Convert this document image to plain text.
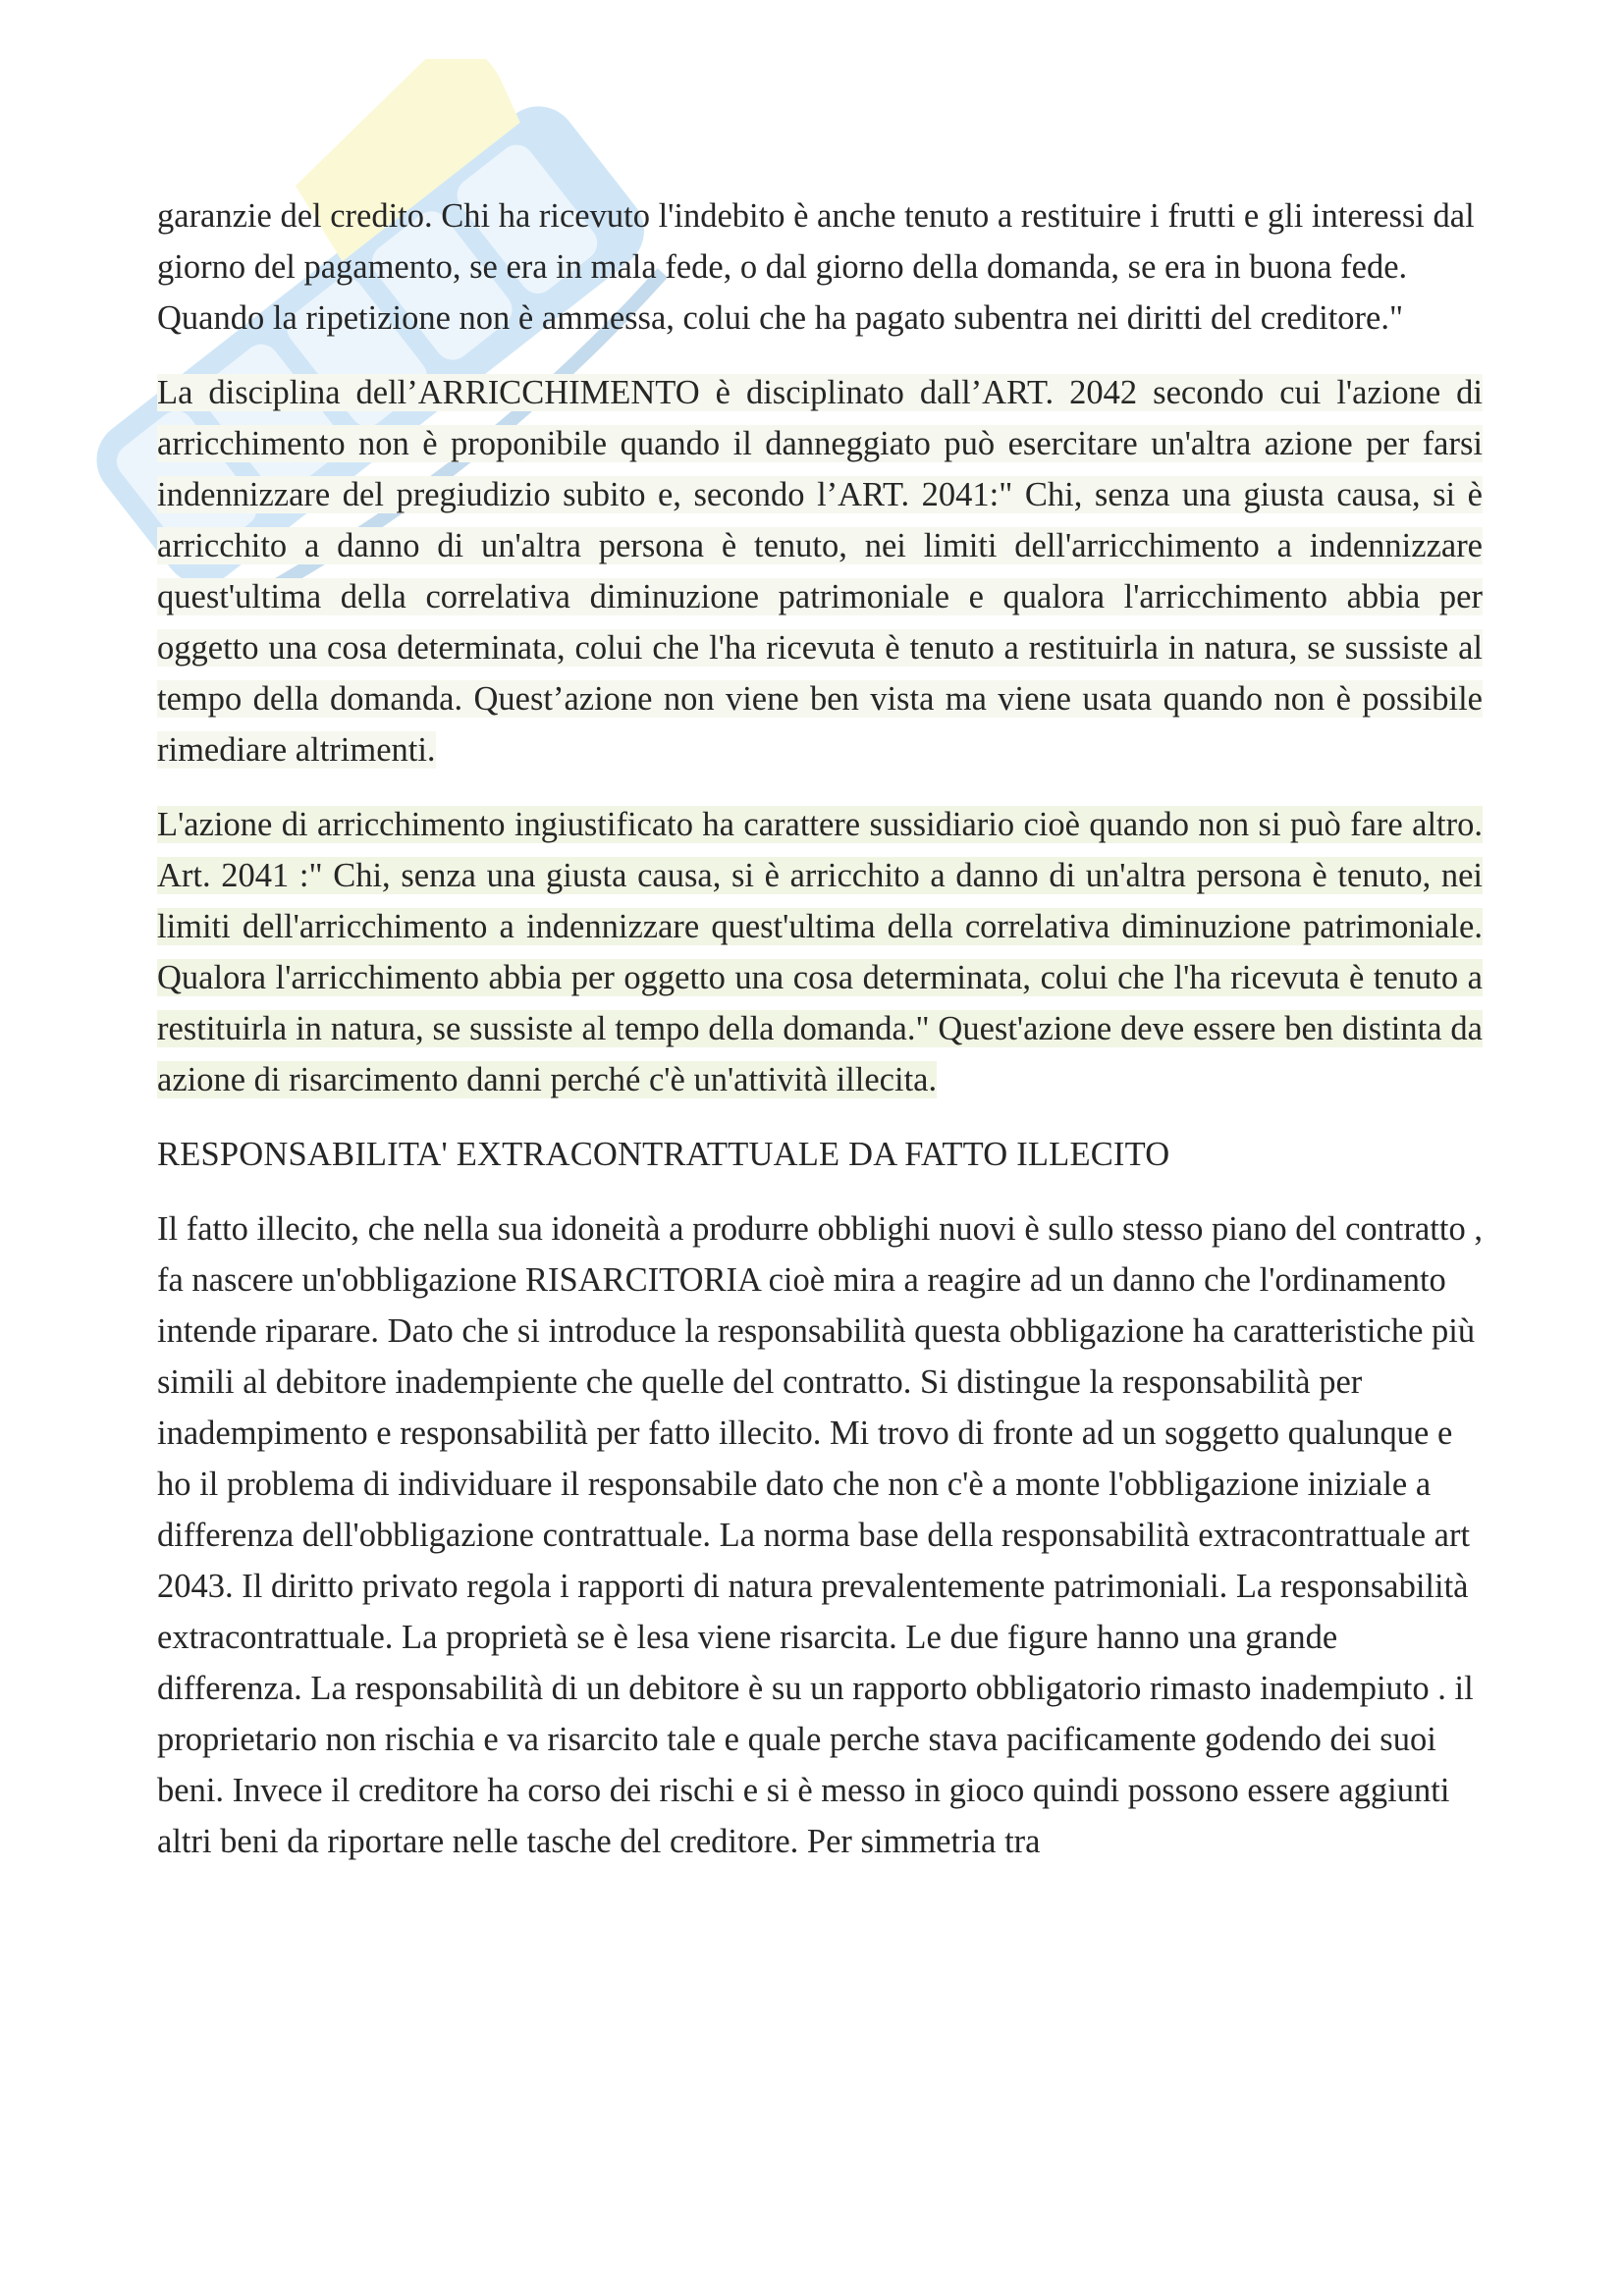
garanzie del credito. Chi ha ricevuto l'indebito è anche tenuto a restituire i frutti e gli interessi dal giorno del pagamento, se era in mala fede, o dal giorno della domanda, se era in buona fede. Quando la ripetizione non è ammessa, colui che ha pagato subentra nei diritti del creditore."

La disciplina dell’ARRICCHIMENTO è disciplinato dall’ART. 2042 secondo cui l'azione di arricchimento non è proponibile quando il danneggiato può esercitare un'altra azione per farsi indennizzare del pregiudizio subito e, secondo l’ART. 2041:" Chi, senza una giusta causa, si è arricchito a danno di un'altra persona è tenuto, nei limiti dell'arricchimento a indennizzare quest'ultima della correlativa diminuzione patrimoniale e qualora l'arricchimento abbia per oggetto una cosa determinata, colui che l'ha ricevuta è tenuto a restituirla in natura, se sussiste al tempo della domanda. Quest’azione non viene ben vista ma viene usata quando non è possibile rimediare altrimenti.

L'azione di arricchimento ingiustificato ha carattere sussidiario cioè quando non si può fare altro. Art. 2041 :" Chi, senza una giusta causa, si è arricchito a danno di un'altra persona è tenuto, nei limiti dell'arricchimento a indennizzare quest'ultima della correlativa diminuzione patrimoniale. Qualora l'arricchimento abbia per oggetto una cosa determinata, colui che l'ha ricevuta è tenuto a restituirla in natura, se sussiste al tempo della domanda." Quest'azione deve essere ben distinta da azione di risarcimento danni perché c'è un'attività illecita.

RESPONSABILITA' EXTRACONTRATTUALE DA FATTO ILLECITO

Il fatto illecito, che nella sua idoneità a produrre obblighi nuovi è sullo stesso piano del contratto , fa nascere un'obbligazione RISARCITORIA cioè mira a reagire ad un danno che l'ordinamento intende riparare. Dato che si introduce la responsabilità questa obbligazione ha caratteristiche più simili al debitore inadempiente che quelle del contratto. Si distingue la responsabilità per inadempimento e responsabilità per fatto illecito. Mi trovo di fronte ad un soggetto qualunque e ho il problema di individuare il responsabile dato che non c'è a monte l'obbligazione iniziale a differenza dell'obbligazione contrattuale. La norma base della responsabilità extracontrattuale art 2043. Il diritto privato regola i rapporti di natura prevalentemente patrimoniali. La responsabilità extracontrattuale. La proprietà se è lesa viene risarcita. Le due figure hanno una grande differenza. La responsabilità di un debitore è su un rapporto obbligatorio rimasto inadempiuto . il proprietario non rischia e va risarcito tale e quale perche stava pacificamente godendo dei suoi beni. Invece il creditore ha corso dei rischi e si è messo in gioco quindi possono essere aggiunti altri beni da riportare nelle tasche del creditore. Per simmetria tra
